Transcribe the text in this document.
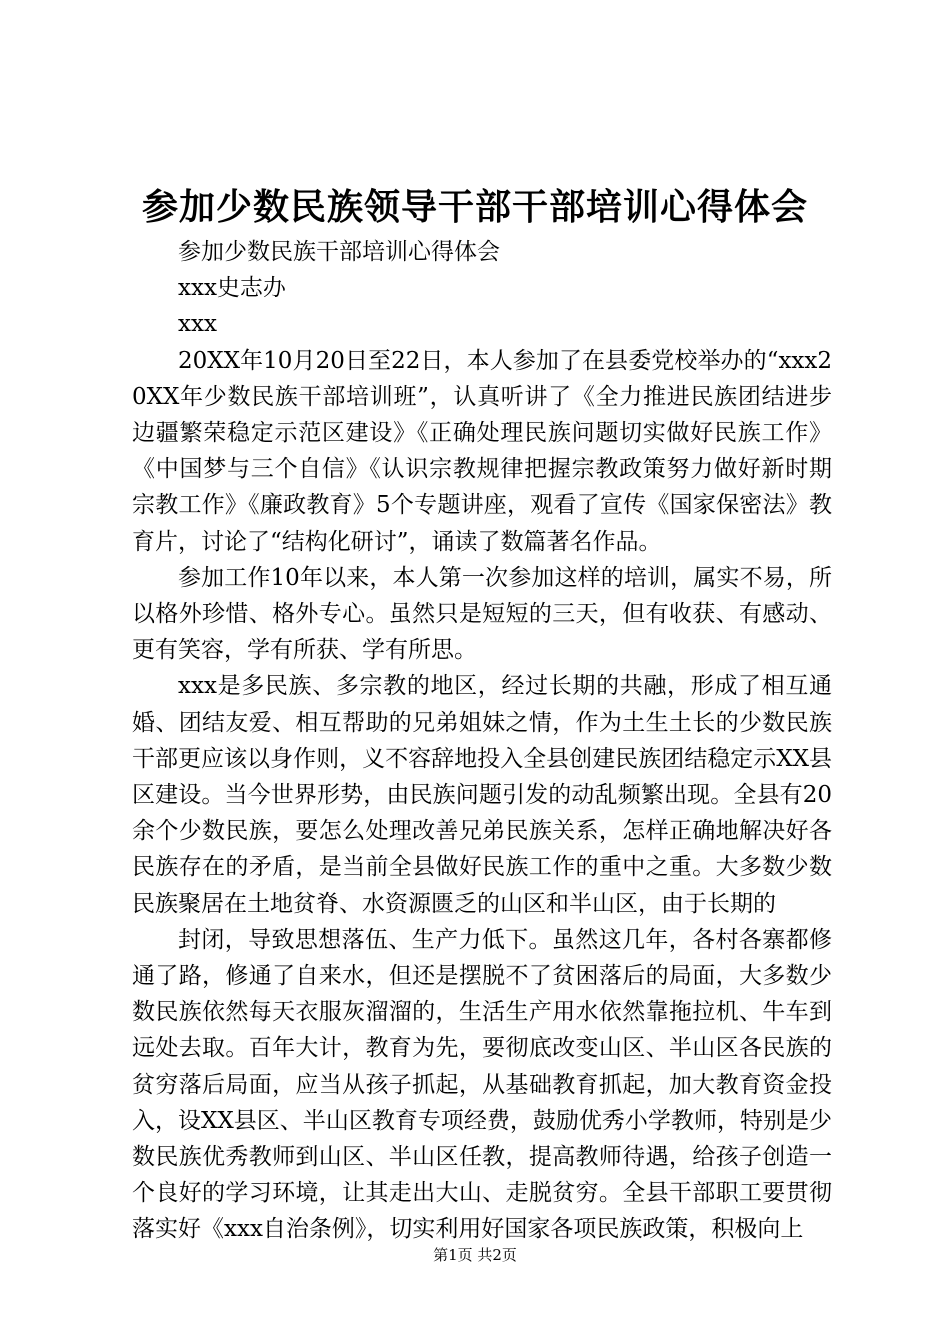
参加少数民族领导干部干部培训心得体会

参加少数民族干部培训心得体会

xxx史志办

xxx

20XX年10月20日至22日，本人参加了在县委党校举办的“xxx20XX年少数民族干部培训班”，认真听讲了《全力推进民族团结进步边疆繁荣稳定示范区建设》《正确处理民族问题切实做好民族工作》《中国梦与三个自信》《认识宗教规律把握宗教政策努力做好新时期宗教工作》《廉政教育》5个专题讲座，观看了宣传《国家保密法》教育片，讨论了“结构化研讨”，诵读了数篇著名作品。

参加工作10年以来，本人第一次参加这样的培训，属实不易，所以格外珍惜、格外专心。虽然只是短短的三天，但有收获、有感动、更有笑容，学有所获、学有所思。

xxx是多民族、多宗教的地区，经过长期的共融，形成了相互通婚、团结友爱、相互帮助的兄弟姐妹之情，作为土生土长的少数民族干部更应该以身作则，义不容辞地投入全县创建民族团结稳定示XX县区建设。当今世界形势，由民族问题引发的动乱频繁出现。全县有20余个少数民族，要怎么处理改善兄弟民族关系，怎样正确地解决好各民族存在的矛盾，是当前全县做好民族工作的重中之重。大多数少数民族聚居在土地贫脊、水资源匮乏的山区和半山区，由于长期的

封闭，导致思想落伍、生产力低下。虽然这几年，各村各寨都修通了路，修通了自来水，但还是摆脱不了贫困落后的局面，大多数少数民族依然每天衣服灰溜溜的，生活生产用水依然靠拖拉机、牛车到远处去取。百年大计，教育为先，要彻底改变山区、半山区各民族的贫穷落后局面，应当从孩子抓起，从基础教育抓起，加大教育资金投入，设XX县区、半山区教育专项经费，鼓励优秀小学教师，特别是少数民族优秀教师到山区、半山区任教，提高教师待遇，给孩子创造一个良好的学习环境，让其走出大山、走脱贫穷。全县干部职工要贯彻落实好《xxx自治条例》，切实利用好国家各项民族政策，积极向上

第1页 共2页
